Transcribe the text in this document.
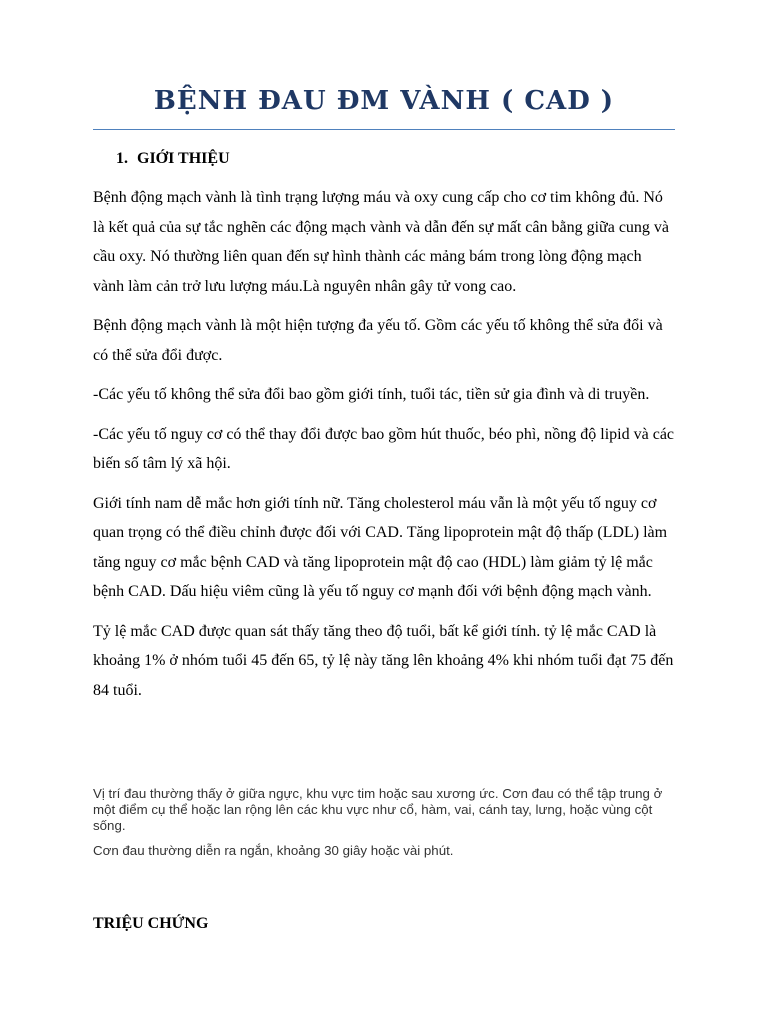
BỆNH ĐAU ĐM VÀNH ( CAD )
1. GIỚI THIỆU

Bệnh động mạch vành là tình trạng lượng máu và oxy cung cấp cho cơ tim không đủ. Nó là kết quả của sự tắc nghẽn các động mạch vành và dẫn đến sự mất cân bằng giữa cung và cầu oxy. Nó thường liên quan đến sự hình thành các mảng bám trong lòng động mạch vành làm cản trở lưu lượng máu.Là nguyên nhân gây tử vong cao.

Bệnh động mạch vành là một hiện tượng đa yếu tố. Gồm các yếu tố không thể sửa đổi và có thể sửa đổi được.

-Các yếu tố không thể sửa đổi bao gồm giới tính, tuổi tác, tiền sử gia đình và di truyền.

-Các yếu tố nguy cơ có thể thay đổi được bao gồm hút thuốc, béo phì, nồng độ lipid và các biến số tâm lý xã hội.

Giới tính nam dễ mắc hơn giới tính nữ. Tăng cholesterol máu vẫn là một yếu tố nguy cơ quan trọng có thể điều chỉnh được đối với CAD. Tăng lipoprotein mật độ thấp (LDL) làm tăng nguy cơ mắc bệnh CAD và tăng lipoprotein mật độ cao (HDL) làm giảm tỷ lệ mắc bệnh CAD. Dấu hiệu viêm cũng là yếu tố nguy cơ mạnh đối với bệnh động mạch vành.

Tỷ lệ mắc CAD được quan sát thấy tăng theo độ tuổi, bất kể giới tính. tỷ lệ mắc CAD là khoảng 1% ở nhóm tuổi 45 đến 65, tỷ lệ này tăng lên khoảng 4% khi nhóm tuổi đạt 75 đến 84 tuổi.

Vị trí đau thường thấy ở giữa ngực, khu vực tim hoặc sau xương ức. Cơn đau có thể tập trung ở một điểm cụ thể hoặc lan rộng lên các khu vực như cổ, hàm, vai, cánh tay, lưng, hoặc vùng cột sống.

Cơn đau thường diễn ra ngắn, khoảng 30 giây hoặc vài phút.

TRIỆU CHỨNG
